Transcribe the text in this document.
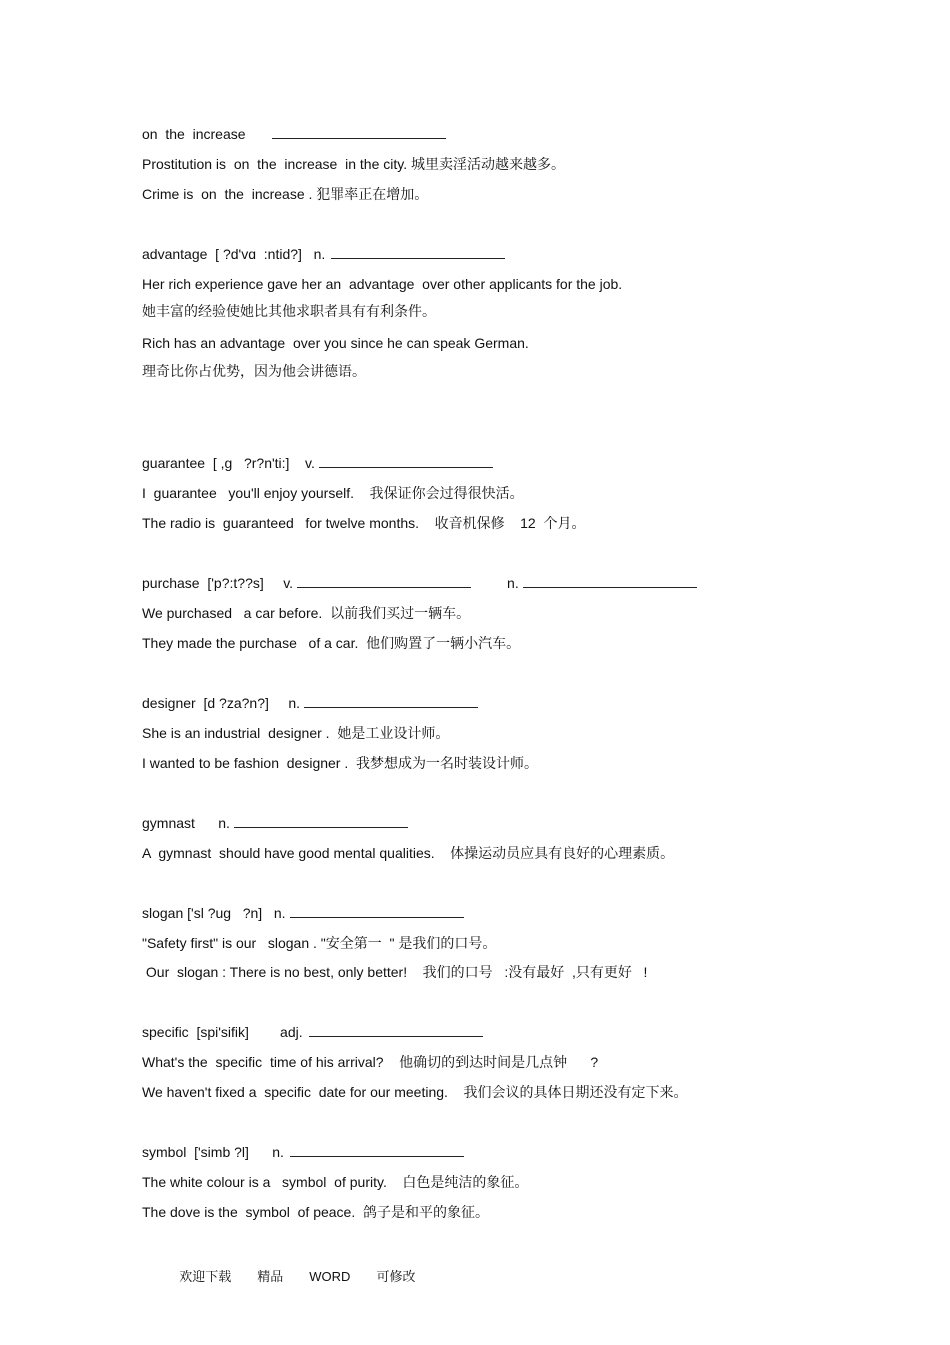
on  the  increase
Prostitution is  on  the  increase  in the city. 城里卖淫活动越来越多。
Crime is  on  the  increase . 犯罪率正在增加。
advantage  [ ?d'vɑ  :ntid?]   n.
Her rich experience gave her an  advantage  over other applicants for the job.
她丰富的经验使她比其他求职者具有有利条件。
Rich has an advantage  over you since he can speak German.
理奇比你占优势，因为他会讲德语。
guarantee  [ ,ɡ   ?r?n'ti:]    v.
I  guarantee   you'll enjoy yourself.    我保证你会过得很快活。
The radio is  guaranteed   for twelve months.    收音机保修    12  个月。
purchase  ['p?:t??s]     v.	n.
We purchased   a car before.  以前我们买过一辆车。
They made the purchase   of a car.  他们购置了一辆小汽车。
designer  [d ?za?n?]     n.
She is an industrial  designer .  她是工业设计师。
I wanted to be fashion  designer .  我梦想成为一名时装设计师。
gymnast      n.
A  gymnast  should have good mental qualities.    体操运动员应具有良好的心理素质。
slogan ['sl ?uɡ   ?n]   n.
"Safety first" is our   slogan . "安全第一  " 是我们的口号。
Our  slogan : There is no best, only better!    我们的口号   :没有最好  ,只有更好   !
specific  [spi'sifik]        adj.
What's the  specific  time of his arrival?    他确切的到达时间是几点钟      ?
We haven't fixed a  specific  date for our meeting.    我们会议的具体日期还没有定下来。
symbol  ['simb ?l]      n.
The white colour is a   symbol  of purity.    白色是纯洁的象征。
The dove is the  symbol  of peace.  鸽子是和平的象征。

欢迎下载 精品 WORD 可修改
